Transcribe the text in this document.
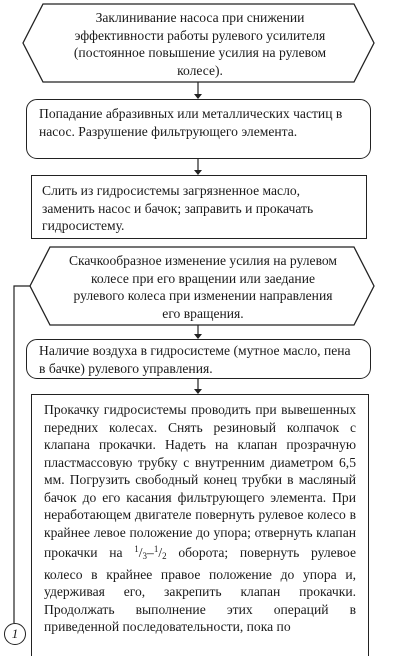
Заклинивание насоса при снижении эффективности работы рулевого усилителя (постоянное повышение усилия на рулевом колесе).
Попадание абразивных или металлических частиц в насос. Разрушение фильтрующего элемента.
Слить из гидросистемы загрязненное масло, заменить насос и бачок; заправить и прокачать гидросистему.
Скачкообразное изменение усилия на рулевом колесе при его вращении или заедание рулевого колеса при изменении направления его вращения.
Наличие воздуха в гидросистеме (мутное масло, пена в бачке) рулевого управления.
Прокачку гидросистемы проводить при вывешенных передних колесах. Снять резиновый колпачок с клапана прокачки. Надеть на клапан прозрачную пластмассовую трубку с внутренним диаметром 6,5 мм. Погрузить свободный конец трубки в масляный бачок до его касания фильтрующего элемента. При неработающем двигателе повернуть рулевое колесо в крайнее левое положение до упора; отвернуть клапан прокачки на $^1/_3-^1/_2$ оборота; повернуть рулевое колесо в крайнее правое положение до упора и, удерживая его, закрепить клапан прокачки. Продолжать выполнение этих операций в приведенной последовательности, пока по
1
